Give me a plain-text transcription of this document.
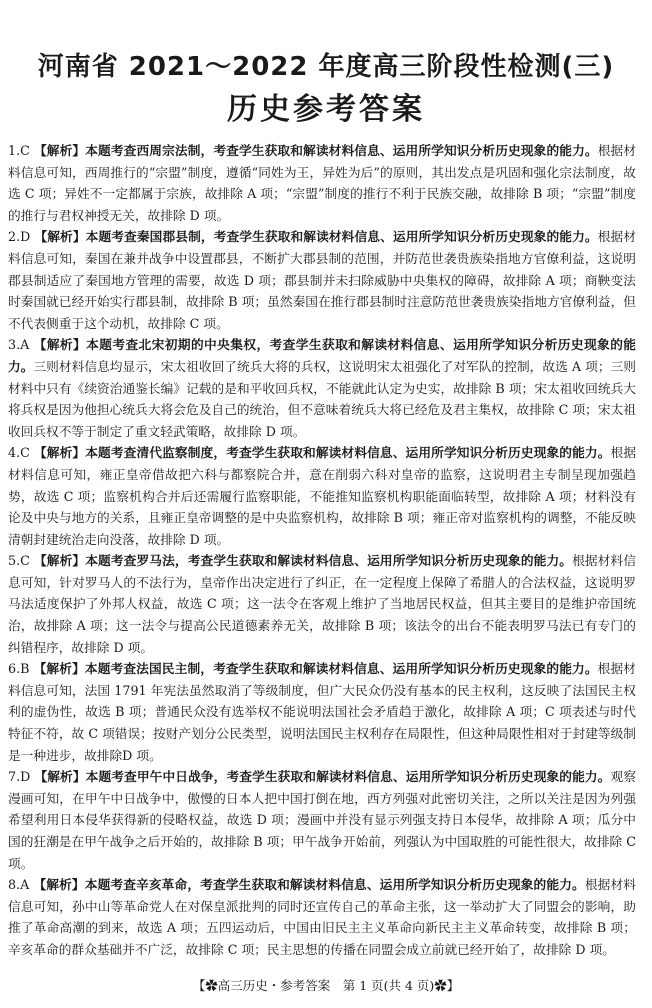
河南省 2021～2022 年度高三阶段性检测(三)
历史参考答案

1.C 【解析】本题考查西周宗法制，考查学生获取和解读材料信息、运用所学知识分析历史现象的能力。根据材料信息可知，西周推行的“宗盟”制度，遵循“同姓为王，异姓为后”的原则，其出发点是巩固和强化宗法制度，故选 C 项；异姓不一定都属于宗族，故排除 A 项；“宗盟”制度的推行不利于民族交融，故排除 B 项；“宗盟”制度的推行与君权神授无关，故排除 D 项。

2.D 【解析】本题考查秦国郡县制，考查学生获取和解读材料信息、运用所学知识分析历史现象的能力。根据材料信息可知，秦国在兼并战争中设置郡县，不断扩大郡县制的范围，并防范世袭贵族染指地方官僚利益，这说明郡县制适应了秦国地方管理的需要，故选 D 项；郡县制并未扫除威胁中央集权的障碍，故排除 A 项；商鞅变法时秦国就已经开始实行郡县制，故排除 B 项；虽然秦国在推行郡县制时注意防范世袭贵族染指地方官僚利益，但不代表侧重于这个动机，故排除 C 项。

3.A 【解析】本题考查北宋初期的中央集权，考查学生获取和解读材料信息、运用所学知识分析历史现象的能力。三则材料信息均显示，宋太祖收回了统兵大将的兵权，这说明宋太祖强化了对军队的控制，故选 A 项；三则材料中只有《续资治通鉴长编》记载的是和平收回兵权，不能就此认定为史实，故排除 B 项；宋太祖收回统兵大将兵权是因为他担心统兵大将会危及自己的统治，但不意味着统兵大将已经危及君主集权，故排除 C 项；宋太祖收回兵权不等于制定了重文轻武策略，故排除 D 项。

4.C 【解析】本题考查清代监察制度，考查学生获取和解读材料信息、运用所学知识分析历史现象的能力。根据材料信息可知，雍正皇帝借故把六科与都察院合并，意在削弱六科对皇帝的监察，这说明君主专制呈现加强趋势，故选 C 项；监察机构合并后还需履行监察职能，不能推知监察机构职能面临转型，故排除 A 项；材料没有论及中央与地方的关系，且雍正皇帝调整的是中央监察机构，故排除 B 项；雍正帝对监察机构的调整，不能反映清朝封建统治走向没落，故排除 D 项。

5.C 【解析】本题考查罗马法，考查学生获取和解读材料信息、运用所学知识分析历史现象的能力。根据材料信息可知，针对罗马人的不法行为，皇帝作出决定进行了纠正，在一定程度上保障了希腊人的合法权益，这说明罗马法适度保护了外邦人权益，故选 C 项；这一法令在客观上维护了当地居民权益，但其主要目的是维护帝国统治，故排除 A 项；这一法令与提高公民道德素养无关，故排除 B 项；该法令的出台不能表明罗马法已有专门的纠错程序，故排除 D 项。

6.B 【解析】本题考查法国民主制，考查学生获取和解读材料信息、运用所学知识分析历史现象的能力。根据材料信息可知，法国 1791 年宪法虽然取消了等级制度，但广大民众仍没有基本的民主权利，这反映了法国民主权利的虚伪性，故选 B 项；普通民众没有选举权不能说明法国社会矛盾趋于激化，故排除 A 项；C 项表述与时代特征不符，故 C 项错误；按财产划分公民类型，说明法国民主权利存在局限性，但这种局限性相对于封建等级制是一种进步，故排除D 项。

7.D 【解析】本题考查甲午中日战争，考查学生获取和解读材料信息、运用所学知识分析历史现象的能力。观察漫画可知，在甲午中日战争中，傲慢的日本人把中国打倒在地，西方列强对此密切关注，之所以关注是因为列强希望利用日本侵华获得新的侵略权益，故选 D 项；漫画中并没有显示列强支持日本侵华，故排除 A 项；瓜分中国的狂潮是在甲午战争之后开始的，故排除 B 项；甲午战争开始前，列强认为中国取胜的可能性很大，故排除 C 项。

8.A 【解析】本题考查辛亥革命，考查学生获取和解读材料信息、运用所学知识分析历史现象的能力。根据材料信息可知，孙中山等革命党人在对保皇派批判的同时还宣传自己的革命主张，这一举动扩大了同盟会的影响，助推了革命高潮的到来，故选 A 项；五四运动后，中国由旧民主主义革命向新民主主义革命转变，故排除 B 项；辛亥革命的群众基础并不广泛，故排除 C 项；民主思想的传播在同盟会成立前就已经开始了，故排除 D 项。

【✿高三历史・参考答案　第 1 页(共 4 页)✿】
